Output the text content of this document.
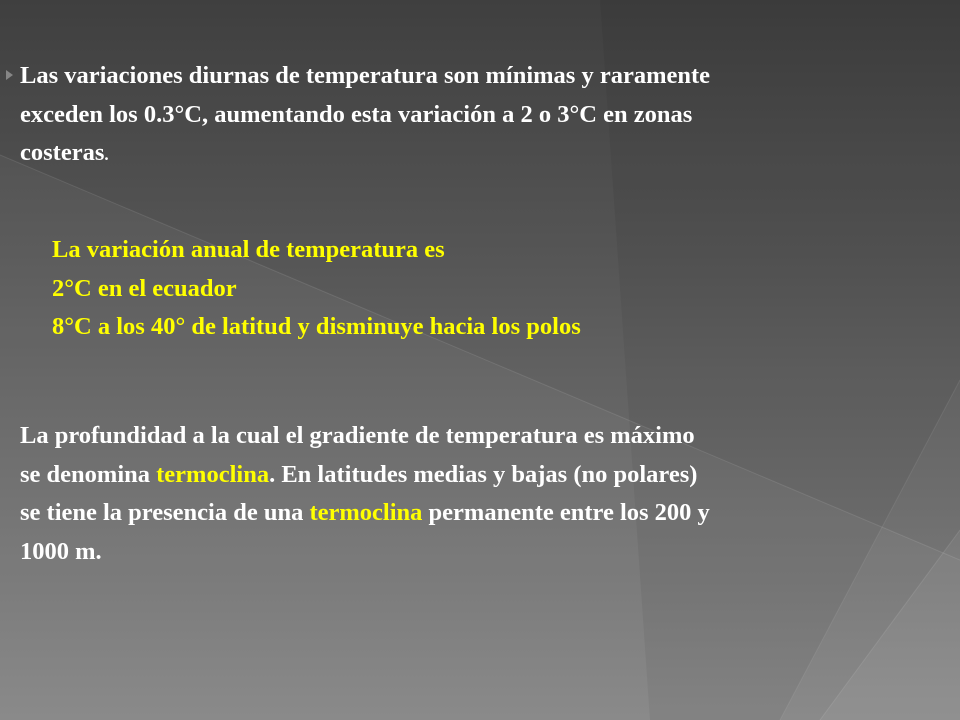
Las variaciones diurnas de temperatura son mínimas y raramente
exceden los 0.3°C, aumentando esta variación a 2 o 3°C en zonas
costeras.

La variación anual de temperatura es
2°C en el ecuador
8°C a los 40° de latitud y disminuye hacia los polos

La profundidad a la cual el gradiente de temperatura es máximo
se denomina termoclina. En latitudes medias y bajas (no polares)
se tiene la presencia de una termoclina permanente entre los 200 y
1000 m.
